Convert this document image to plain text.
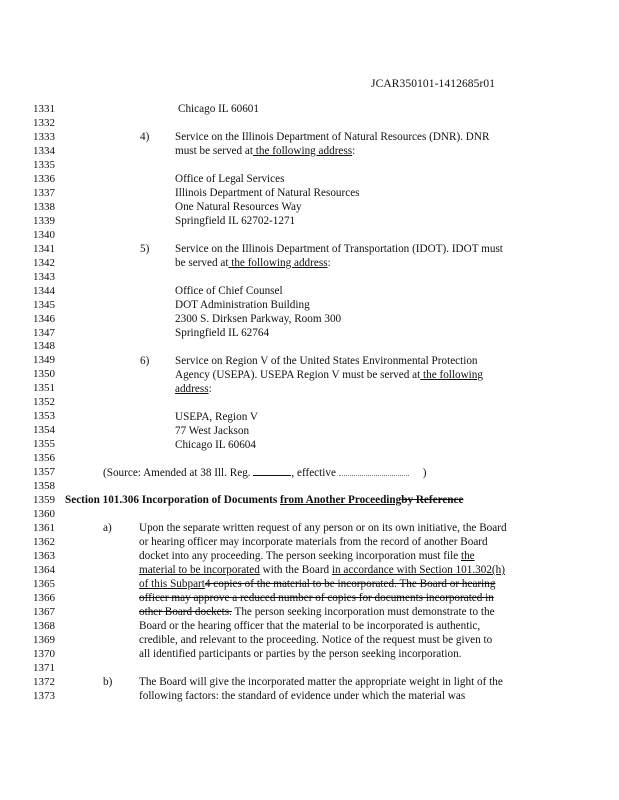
JCAR350101-1412685r01
1331
1332
1333
1334
1335
1336
1337
1338
1339
1340
1341
1342
1343
1344
1345
1346
1347
1348
1349
1350
1351
1352
1353
1354
1355
1356
1357
1358
1359
1360
1361
1362
1363
1364
1365
1366
1367
1368
1369
1370
1371
1372
1373
Chicago IL 60601
4) Service on the Illinois Department of Natural Resources (DNR). DNR
must be served at the following address:
Office of Legal Services
Illinois Department of Natural Resources
One Natural Resources Way
Springfield IL 62702-1271
5) Service on the Illinois Department of Transportation (IDOT). IDOT must
be served at the following address:
Office of Chief Counsel
DOT Administration Building
2300 S. Dirksen Parkway, Room 300
Springfield IL 62764
6) Service on Region V of the United States Environmental Protection
Agency (USEPA). USEPA Region V must be served at the following
address:
USEPA, Region V
77 West Jackson
Chicago IL 60604
(Source: Amended at 38 Ill. Reg.	, effective	)
Section 101.306 Incorporation of Documents from Another Proceedingby Reference
a) Upon the separate written request of any person or on its own initiative, the Board
or hearing officer may incorporate materials from the record of another Board
docket into any proceeding. The person seeking incorporation must file the
material to be incorporated with the Board in accordance with Section 101.302(h)
of this Subpart4 copies of the material to be incorporated. The Board or hearing
officer may approve a reduced number of copies for documents incorporated in
other Board dockets. The person seeking incorporation must demonstrate to the
Board or the hearing officer that the material to be incorporated is authentic,
credible, and relevant to the proceeding. Notice of the request must be given to
all identified participants or parties by the person seeking incorporation.
b) The Board will give the incorporated matter the appropriate weight in light of the
following factors: the standard of evidence under which the material was
